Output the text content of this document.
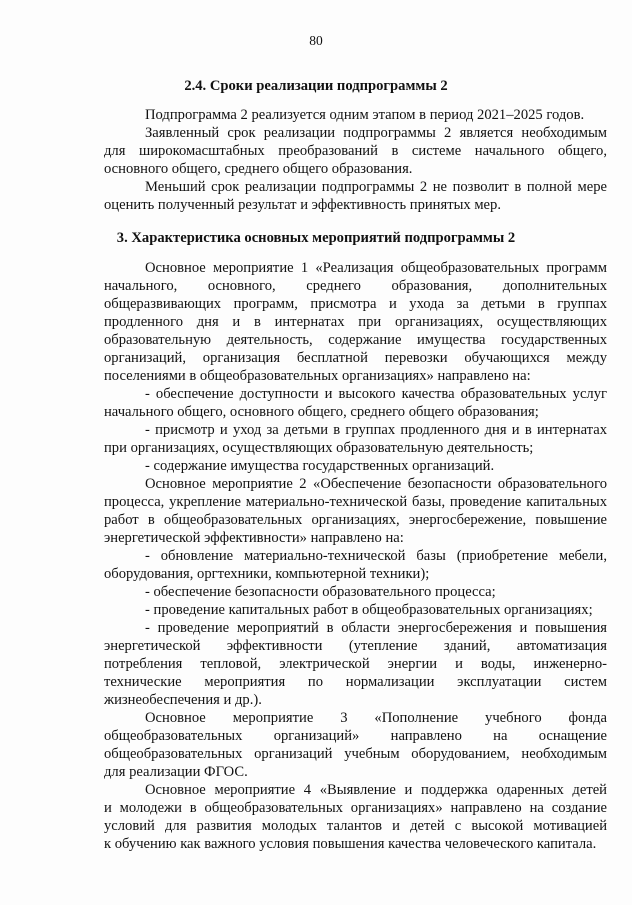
80
2.4. Сроки реализации подпрограммы 2
Подпрограмма 2 реализуется одним этапом в период 2021–2025 годов.
Заявленный срок реализации подпрограммы 2 является необходимым
для широкомасштабных преобразований в системе начального общего,
основного общего, среднего общего образования.
Меньший срок реализации подпрограммы 2 не позволит в полной мере
оценить полученный результат и эффективность принятых мер.
3. Характеристика основных мероприятий подпрограммы 2
Основное мероприятие 1 «Реализация общеобразовательных программ
начального, основного, среднего образования, дополнительных
общеразвивающих программ, присмотра и ухода за детьми в группах
продленного дня и в интернатах при организациях, осуществляющих
образовательную деятельность, содержание имущества государственных
организаций, организация бесплатной перевозки обучающихся между
поселениями в общеобразовательных организациях» направлено на:
- обеспечение доступности и высокого качества образовательных услуг
начального общего, основного общего, среднего общего образования;
- присмотр и уход за детьми в группах продленного дня и в интернатах
при организациях, осуществляющих образовательную деятельность;
- содержание имущества государственных организаций.
Основное мероприятие 2 «Обеспечение безопасности образовательного
процесса, укрепление материально-технической базы, проведение капитальных
работ в общеобразовательных организациях, энергосбережение, повышение
энергетической эффективности» направлено на:
- обновление материально-технической базы (приобретение мебели,
оборудования, оргтехники, компьютерной техники);
- обеспечение безопасности образовательного процесса;
- проведение капитальных работ в общеобразовательных организациях;
- проведение мероприятий в области энергосбережения и повышения
энергетической эффективности (утепление зданий, автоматизация
потребления тепловой, электрической энергии и воды, инженерно-
технические мероприятия по нормализации эксплуатации систем
жизнеобеспечения и др.).
Основное мероприятие 3 «Пополнение учебного фонда
общеобразовательных организаций» направлено на оснащение
общеобразовательных организаций учебным оборудованием, необходимым
для реализации ФГОС.
Основное мероприятие 4 «Выявление и поддержка одаренных детей
и молодежи в общеобразовательных организациях» направлено на создание
условий для развития молодых талантов и детей с высокой мотивацией
к обучению как важного условия повышения качества человеческого капитала.
